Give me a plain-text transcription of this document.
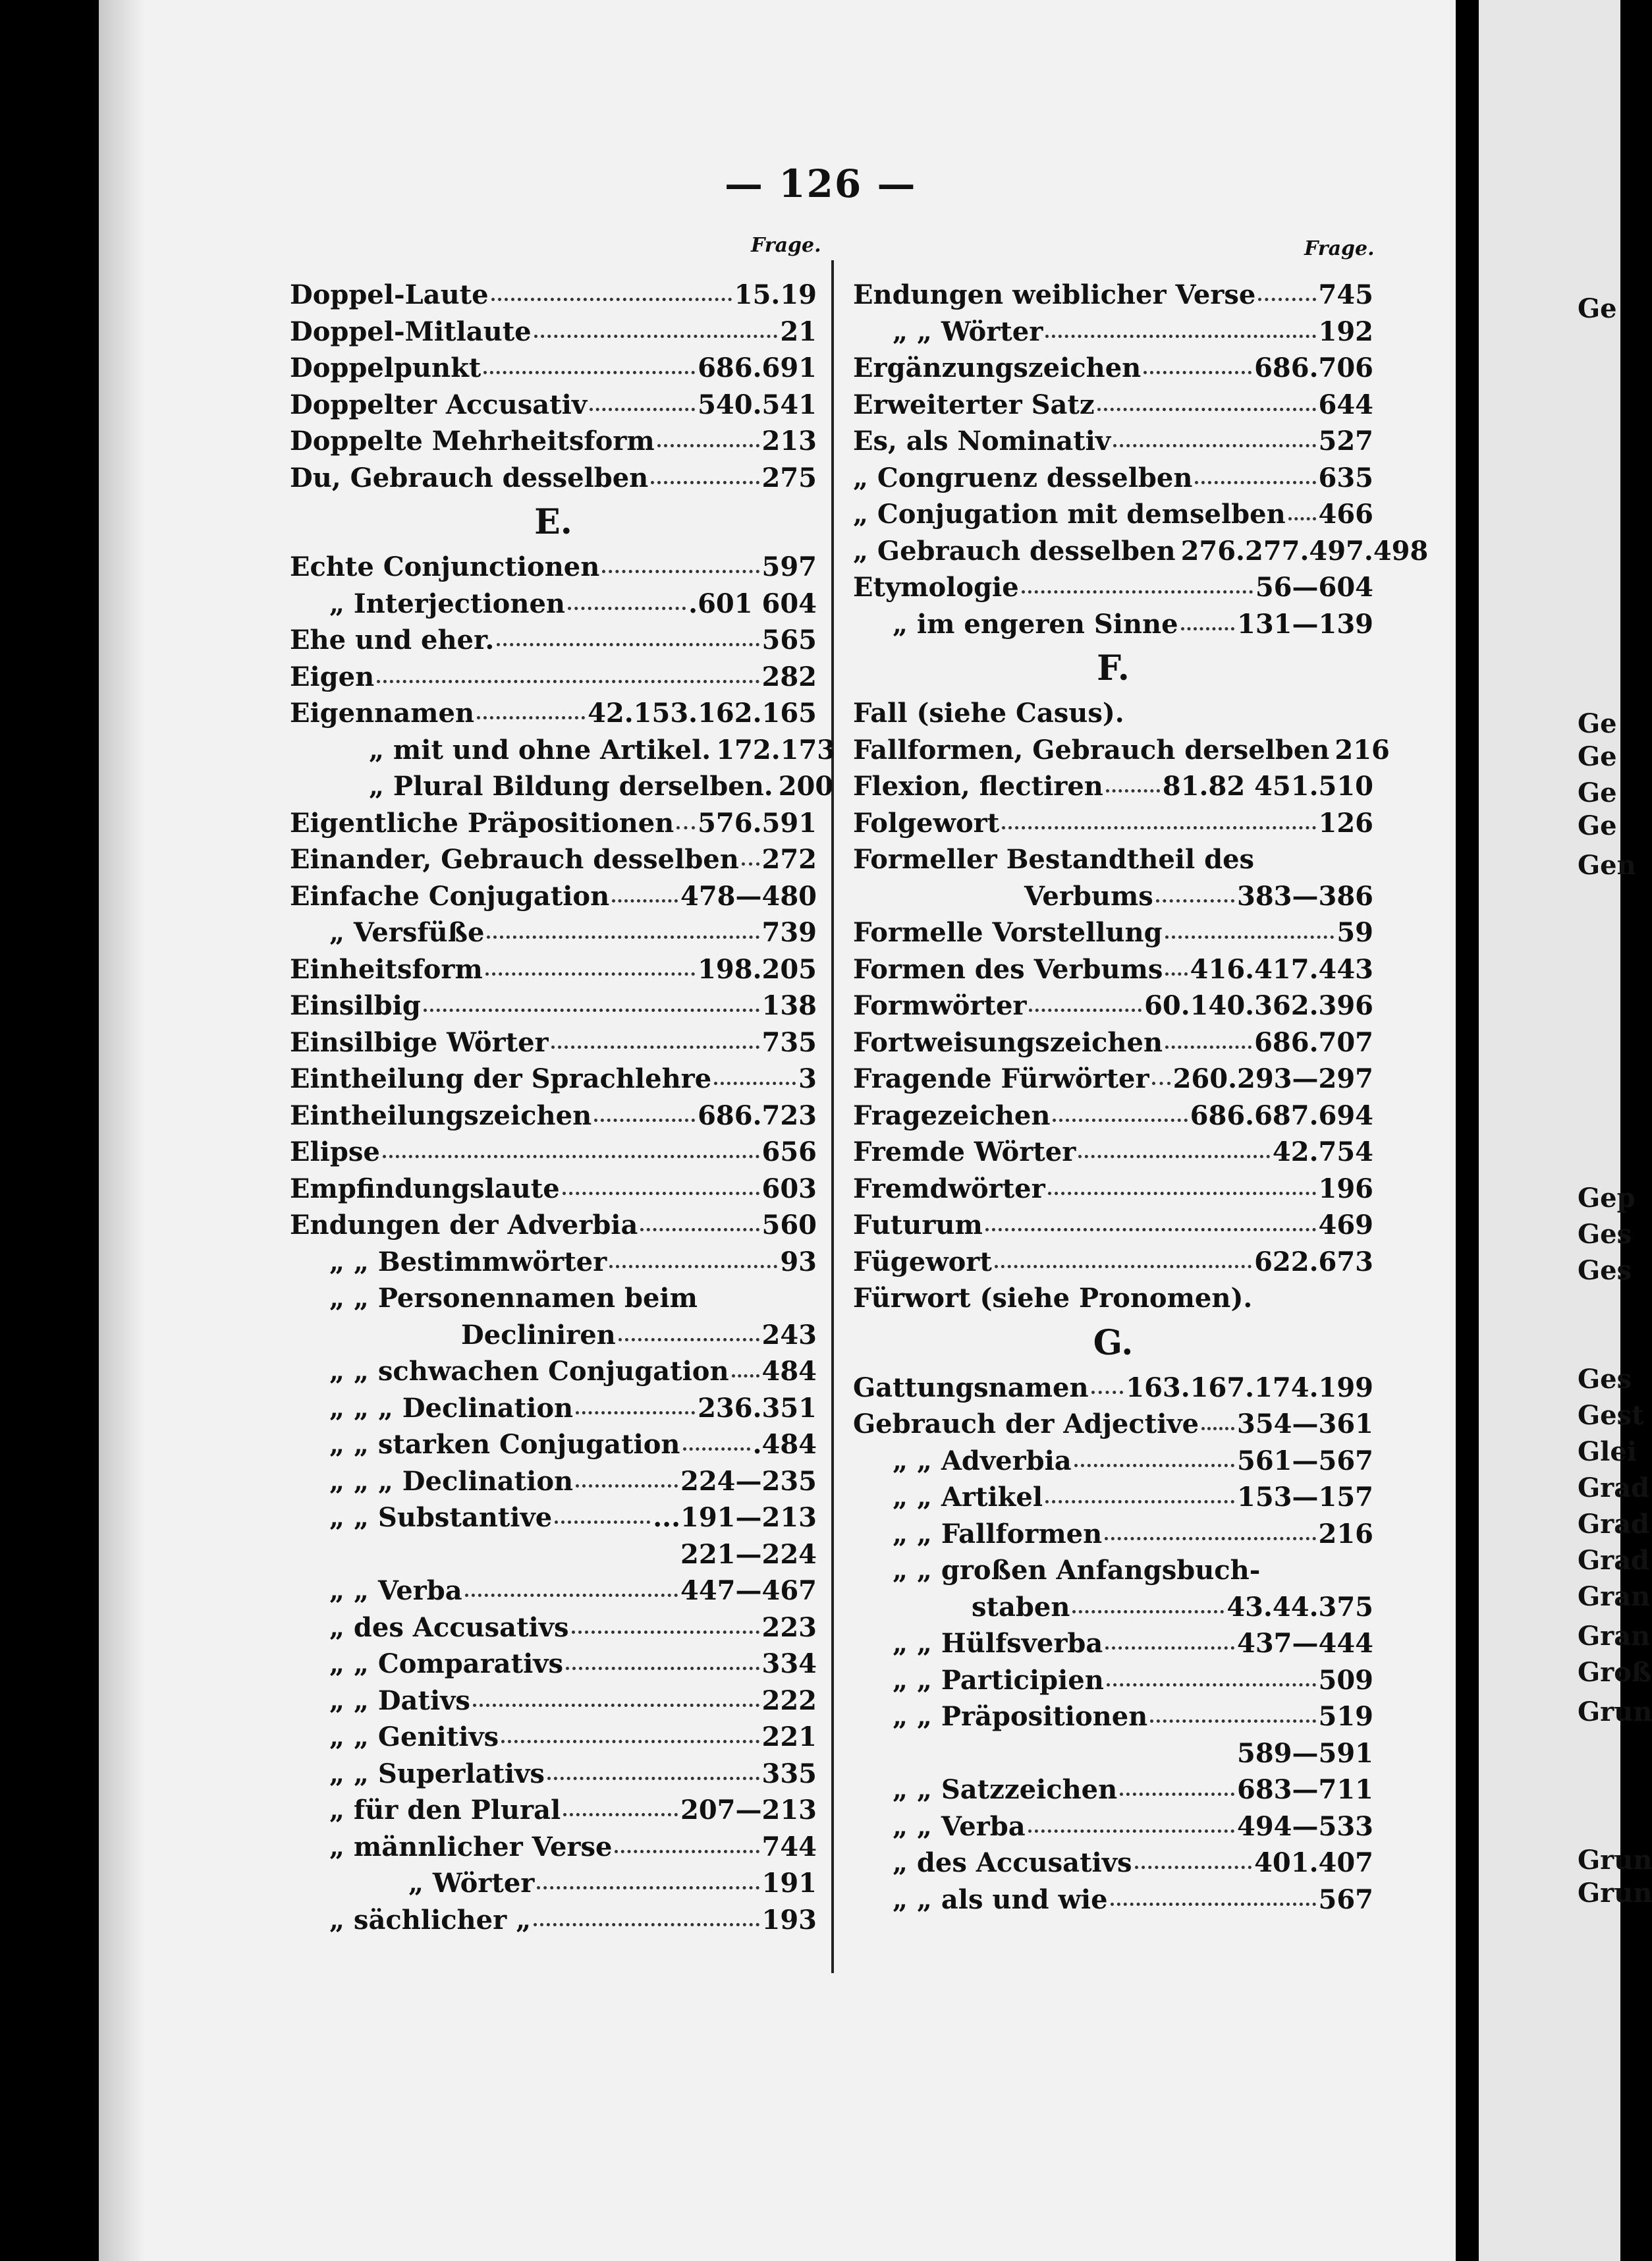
— 126 —
Frage.	Frage.
Doppel-Laute	15.19
Doppel-Mitlaute	21
Doppelpunkt	686.691
Doppelter Accusativ	540.541
Doppelte Mehrheitsform	213
Du, Gebrauch desselben	275
E.
Echte Conjunctionen	597
„ Interjectionen	.601 604
Ehe und eher.	565
Eigen	282
Eigennamen	42.153.162.165
„ mit und ohne Artikel. 172.173
„ Plural Bildung derselben. 200
Eigentliche Präpositionen 576.591
Einander, Gebrauch desselben 272
Einfache Conjugation	478—480
„ Versfüße	739
Einheitsform	198.205
Einsilbig	138
Einsilbige Wörter	735
Eintheilung der Sprachlehre	3
Eintheilungszeichen	686.723
Elipse	656
Empfindungslaute	603
Endungen der Adverbia	560
„ „ Bestimmwörter	93
„ „ Personennamen beim
Decliniren	243
„ „ schwachen Conjugation 484
„ „ „ Declination	236.351
„ „ starken Conjugation	.484
„ „ „ Declination	224—235
„ „ Substantive	...191—213
221—224
„ „ Verba	447—467
„ des Accusativs	223
„ „ Comparativs	334
„ „ Dativs	222
„ „ Genitivs	221
„ „ Superlativs	335
„ für den Plural	207—213
„ männlicher Verse	744
„ Wörter	191
„ sächlicher „	193
Endungen weiblicher Verse 745
„ „ Wörter	192
Ergänzungszeichen	686.706
Erweiterter Satz	644
Es, als Nominativ	527
„ Congruenz desselben	635
„ Conjugation mit demselben 466
„ Gebrauch desselben 276.277.497.498
Etymologie	56—604
„ im engeren Sinne 131—139
F.
Fall (siehe Casus).
Fallformen, Gebrauch derselben 216
Flexion, flectiren 81.82 451.510
Folgewort	126
Formeller Bestandtheil des
Verbums	383—386
Formelle Vorstellung	59
Formen des Verbums 416.417.443
Formwörter	60.140.362.396
Fortweisungszeichen	686.707
Fragende Fürwörter 260.293—297
Fragezeichen	686.687.694
Fremde Wörter	42.754
Fremdwörter	196
Futurum	469
Fügewort	622.673
Fürwort (siehe Pronomen).
G.
Gattungsnamen 163.167.174.199
Gebrauch der Adjective 354—361
„ „ Adverbia	561—567
„ „ Artikel	153—157
„ „ Fallformen	216
„ „ großen Anfangsbuch-
staben	43.44.375
„ „ Hülfsverba	437—444
„ „ Participien	509
„ „ Präpositionen	519
589—591
„ „ Satzzeichen	683—711
„ „ Verba	494—533
„ des Accusativs	401.407
„ „ als und wie	567
Ge
Ge
Ge
Ge
Ge
Gen
Gep
Ges
Ges
Ges
Gest
Glei
Grad
Grad
Grad
Gran
Gran
Groß
Grun
Grun
Grun
